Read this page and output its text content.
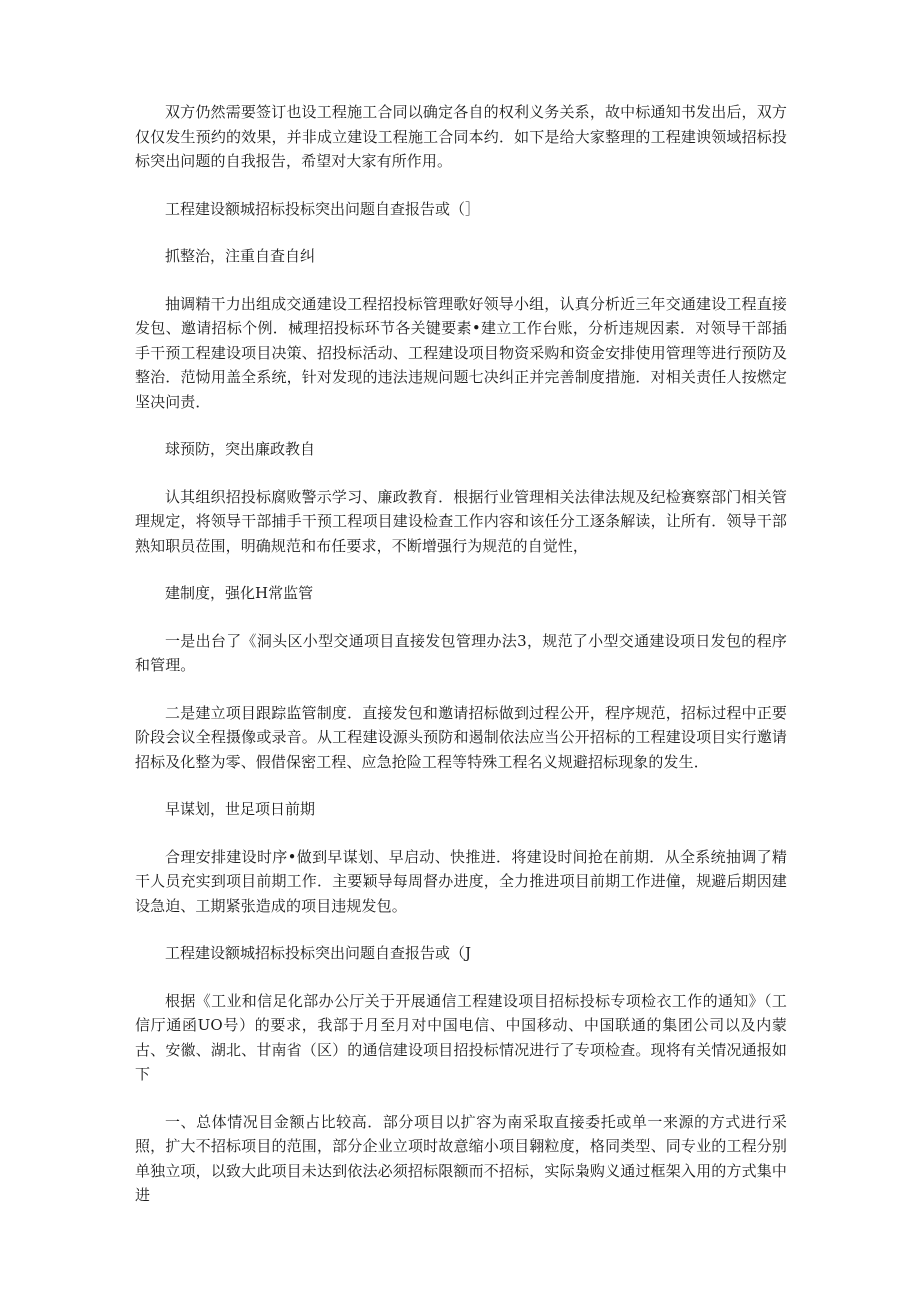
双方仍然需要签订也设工程施工合同以确定各自的权利义务关系，故中标通知书发出后，双方仅仅发生预约的效果，并非成立建设工程施工合同本约．如下是给大家整理的工程建谀领域招标投标突出问题的自我报告，希望对大家有所作用。

工程建设额城招标投标突出问题自查报告或（］

抓整治，注重自査自纠

抽调精干力出组成交通建设工程招投标管理歌好领导小组，认真分析近三年交通建设工程直接发包、邀请招标个例．械理招投标环节各关键要素•建立工作台账，分析违规因素．对领导干部插手干预工程建设项目决策、招投标活动、工程建设项目物资采购和资金安排使用管理等进行预防及整治．范恸用盖全系统，针对发现的违法违规问题七决纠正并完善制度措施．对相关责任人按燃定坚决问责．

球预防，突出廉政教自

认其组织招投标腐败警示学习、廉政教育．根据行业管理相关法律法规及纪检赛察部门相关管理规定，将领导干部捕手干预工程项目建设检查工作内容和该任分工逐条解读，让所有．领导干部熟知职员莅围，明确规范和布任要求，不断增强行为规范的自觉性，

建制度，强化H常监管

一是出台了《洞头区小型交通项目直接发包管理办法3，规范了小型交通建设项日发包的程序和管理。

二是建立项目跟踪监管制度．直接发包和邀请招标做到过程公开，程序规范，招标过程中正要阶段会议全程摄像或录音。从工程建设源头预防和遏制依法应当公开招标的工程建设项目实行邀请招标及化整为零、假借保密工程、应急抢险工程等特殊工程名义规避招标现象的发生．

早谋划，世足项日前期

合理安排建设时序•做到早谋划、早启动、快推进．将建设时间抢在前期．从全系统抽调了精干人员充实到项目前期工作．主要颖导每周督办进度，全力推进项目前期工作进僮，规避后期因建设急迫、工期紧张造成的项目违规发包。

工程建设额城招标投标突出问题自查报告或（J

根据《工业和信足化部办公厅关于开展通信工程建设项目招标投标专项检衣工作的通知》（工信厅通函UO号）的要求，我部于月至月对中国电信、中国移动、中国联通的集团公司以及内蒙古、安徽、湖北、甘南省（区）的通信建设项目招投标情况进行了专项检查。现将有关情况通报如下

一、总体情况目金额占比较高．部分项目以扩容为南采取直接委托或单一来源的方式进行采照，扩大不招标项目的范围，部分企业立项时故意缩小项目翱粒度，格同类型、同专业的工程分别单独立项，以致大此项目未达到依法必须招标限额而不招标，实际枭购义通过框架入用的方式集中进
